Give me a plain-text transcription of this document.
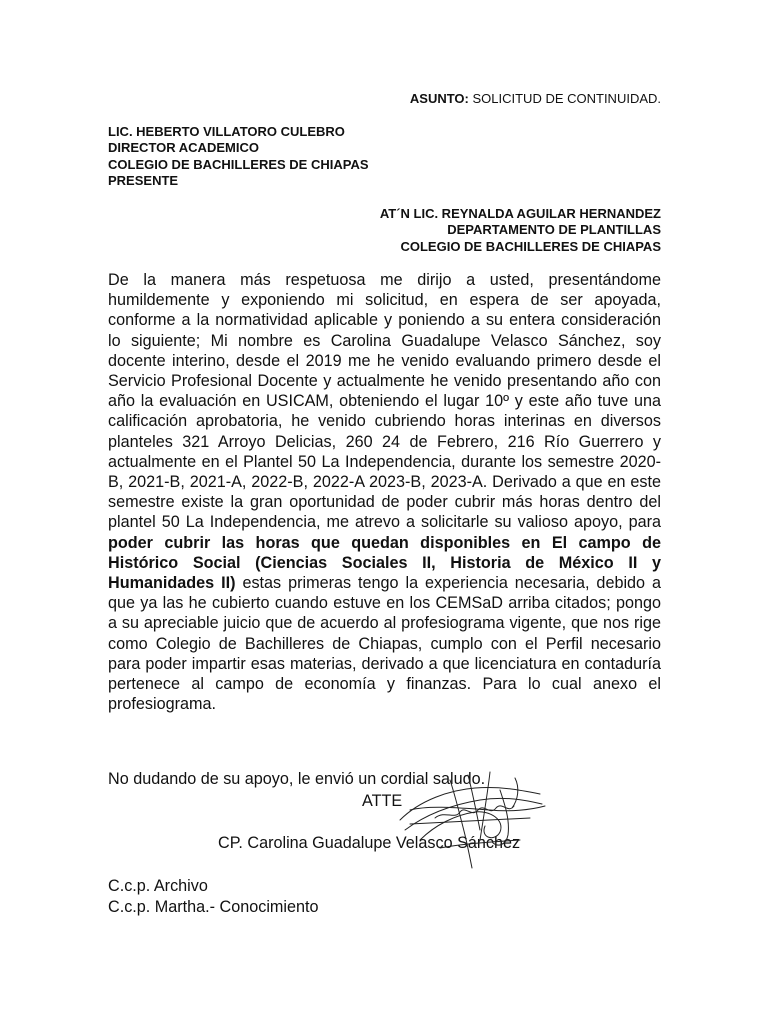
ASUNTO: SOLICITUD DE CONTINUIDAD.
LIC. HEBERTO VILLATORO CULEBRO
DIRECTOR ACADEMICO
COLEGIO DE BACHILLERES DE CHIAPAS
PRESENTE
AT´N LIC. REYNALDA AGUILAR HERNANDEZ
DEPARTAMENTO DE PLANTILLAS
COLEGIO DE BACHILLERES DE CHIAPAS
De la manera más respetuosa me dirijo a usted, presentándome humildemente y exponiendo mi solicitud, en espera de ser apoyada, conforme a la normatividad aplicable y poniendo a su entera consideración lo siguiente; Mi nombre es Carolina Guadalupe Velasco Sánchez, soy docente interino, desde el 2019 me he venido evaluando primero desde el Servicio Profesional Docente y actualmente he venido presentando año con año la evaluación en USICAM, obteniendo el lugar 10º y este año tuve una calificación aprobatoria, he venido cubriendo horas interinas en diversos planteles 321 Arroyo Delicias, 260 24 de Febrero, 216 Río Guerrero y actualmente en el Plantel 50 La Independencia, durante los semestre 2020-B, 2021-B, 2021-A, 2022-B, 2022-A 2023-B, 2023-A. Derivado a que en este semestre existe la gran oportunidad de poder cubrir más horas dentro del plantel 50 La Independencia, me atrevo a solicitarle su valioso apoyo, para poder cubrir las horas que quedan disponibles en El campo de Histórico Social (Ciencias Sociales II, Historia de México II y Humanidades II) estas primeras tengo la experiencia necesaria, debido a que ya las he cubierto cuando estuve en los CEMSaD arriba citados; pongo a su apreciable juicio que de acuerdo al profesiograma vigente, que nos rige como Colegio de Bachilleres de Chiapas, cumplo con el Perfil necesario para poder impartir esas materias, derivado a que licenciatura en contaduría pertenece al campo de economía y finanzas. Para lo cual anexo el profesiograma.
No dudando de su apoyo, le envió un cordial saludo.
ATTE
CP. Carolina Guadalupe Velasco Sánchez
C.c.p. Archivo
C.c.p. Martha.- Conocimiento
